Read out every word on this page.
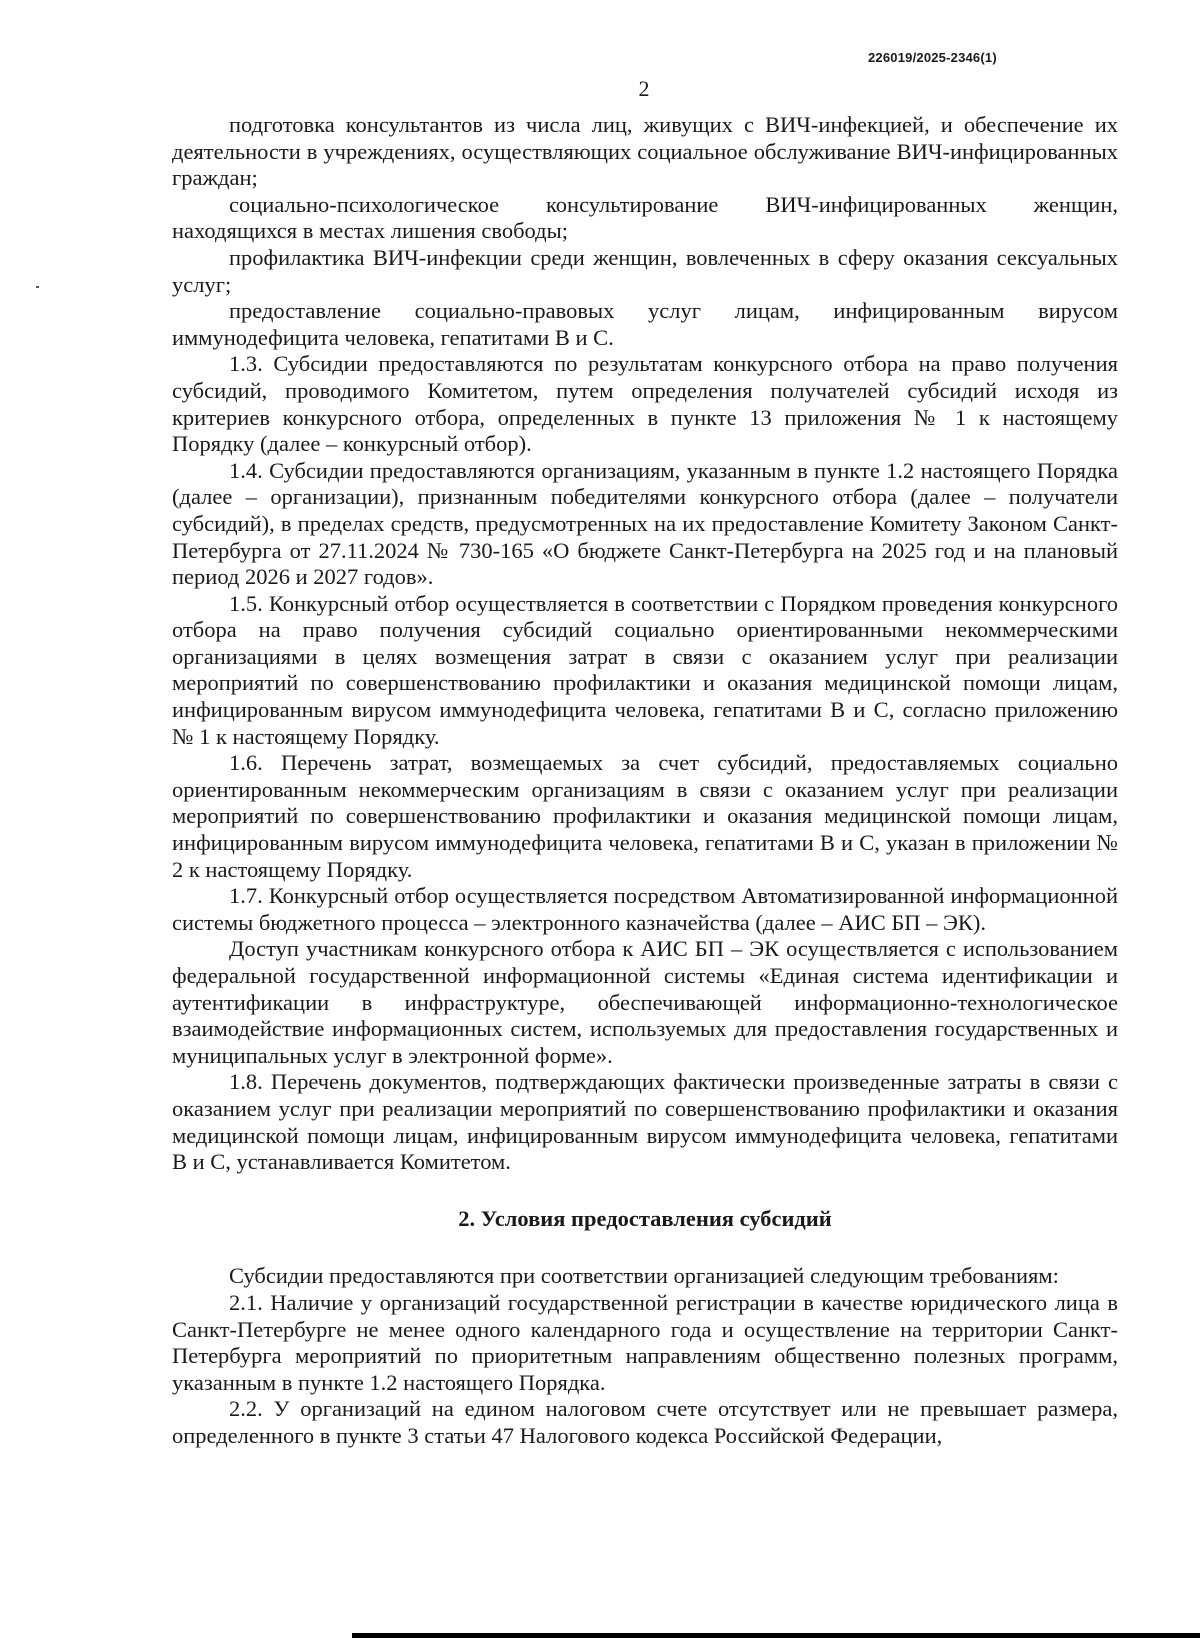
226019/2025-2346(1)
2

подготовка консультантов из числа лиц, живущих с ВИЧ-инфекцией, и обеспечение их деятельности в учреждениях, осуществляющих социальное обслуживание ВИЧ-инфицированных граждан;

социально-психологическое консультирование ВИЧ-инфицированных женщин, находящихся в местах лишения свободы;

профилактика ВИЧ-инфекции среди женщин, вовлеченных в сферу оказания сексуальных услуг;

предоставление социально-правовых услуг лицам, инфицированным вирусом иммунодефицита человека, гепатитами В и С.

1.3. Субсидии предоставляются по результатам конкурсного отбора на право получения субсидий, проводимого Комитетом, путем определения получателей субсидий исходя из критериев конкурсного отбора, определенных в пункте 13 приложения № 1 к настоящему Порядку (далее – конкурсный отбор).

1.4. Субсидии предоставляются организациям, указанным в пункте 1.2 настоящего Порядка (далее – организации), признанным победителями конкурсного отбора (далее – получатели субсидий), в пределах средств, предусмотренных на их предоставление Комитету Законом Санкт-Петербурга от 27.11.2024 № 730-165 «О бюджете Санкт-Петербурга на 2025 год и на плановый период 2026 и 2027 годов».

1.5. Конкурсный отбор осуществляется в соответствии с Порядком проведения конкурсного отбора на право получения субсидий социально ориентированными некоммерческими организациями в целях возмещения затрат в связи с оказанием услуг при реализации мероприятий по совершенствованию профилактики и оказания медицинской помощи лицам, инфицированным вирусом иммунодефицита человека, гепатитами В и С, согласно приложению № 1 к настоящему Порядку.

1.6. Перечень затрат, возмещаемых за счет субсидий, предоставляемых социально ориентированным некоммерческим организациям в связи с оказанием услуг при реализации мероприятий по совершенствованию профилактики и оказания медицинской помощи лицам, инфицированным вирусом иммунодефицита человека, гепатитами В и С, указан в приложении № 2 к настоящему Порядку.

1.7. Конкурсный отбор осуществляется посредством Автоматизированной информационной системы бюджетного процесса – электронного казначейства (далее – АИС БП – ЭК).

Доступ участникам конкурсного отбора к АИС БП – ЭК осуществляется с использованием федеральной государственной информационной системы «Единая система идентификации и аутентификации в инфраструктуре, обеспечивающей информационно-технологическое взаимодействие информационных систем, используемых для предоставления государственных и муниципальных услуг в электронной форме».

1.8. Перечень документов, подтверждающих фактически произведенные затраты в связи с оказанием услуг при реализации мероприятий по совершенствованию профилактики и оказания медицинской помощи лицам, инфицированным вирусом иммунодефицита человека, гепатитами В и С, устанавливается Комитетом.

2. Условия предоставления субсидий

Субсидии предоставляются при соответствии организацией следующим требованиям:

2.1. Наличие у организаций государственной регистрации в качестве юридического лица в Санкт-Петербурге не менее одного календарного года и осуществление на территории Санкт-Петербурга мероприятий по приоритетным направлениям общественно полезных программ, указанным в пункте 1.2 настоящего Порядка.

2.2. У организаций на едином налоговом счете отсутствует или не превышает размера, определенного в пункте 3 статьи 47 Налогового кодекса Российской Федерации,
